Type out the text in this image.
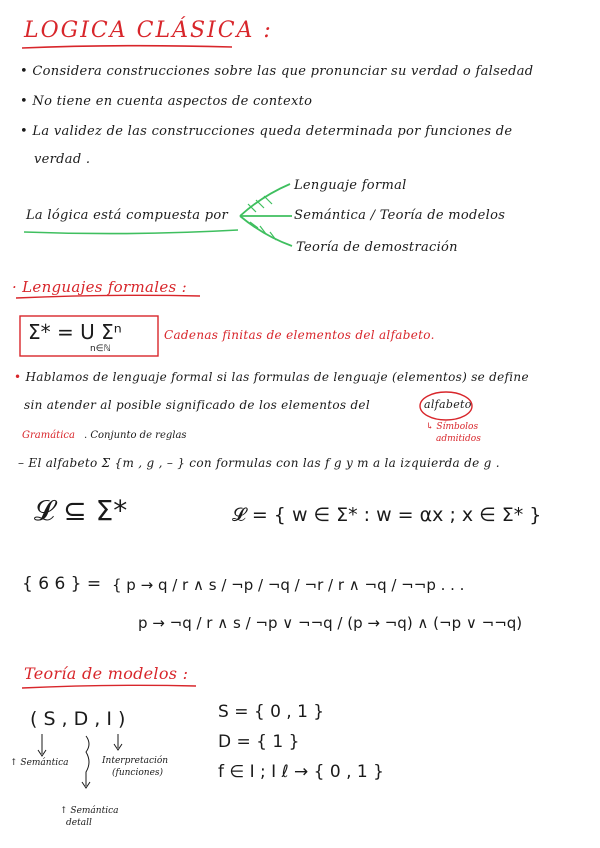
LOGICA CLÁSICA :
• Considera construcciones sobre las que pronunciar su verdad o falsedad
• No tiene en cuenta aspectos de contexto
• La validez de las construcciones queda determinada por funciones de
verdad .
La lógica está compuesta por
Lenguaje formal
Semántica / Teoría de modelos
Teoría de demostración
· Lenguajes formales :
Σ* = U Σⁿ
n∈ℕ
Cadenas finitas de elementos del alfabeto.
• Hablamos de lenguaje formal si las formulas de lenguaje (elementos) se define
sin atender al posible significado de los elementos del	alfabeto
↳ Símbolos
admitidos
Gramática . Conjunto de reglas
– El alfabeto Σ {m , g , – } con formulas con las f g y m a la izquierda de g .
𝓛 ⊆ Σ*	𝓛 = { w ∈ Σ* : w = αx ; x ∈ Σ* }
{ 6 6 } = { p → q / r ∧ s / ¬p / ¬q / ¬r / r ∧ ¬q / ¬¬p . . .
p → ¬q / r ∧ s / ¬p ∨ ¬¬q / (p → ¬q) ∧ (¬p ∨ ¬¬q)
Teoría de modelos :
( S , D , I )
↑ Semántica	Interpretación
(funciones)
↑ Semántica
detall
S = { 0 , 1 }
D = { 1 }
f ∈ I ; I ℓ → { 0 , 1 }
